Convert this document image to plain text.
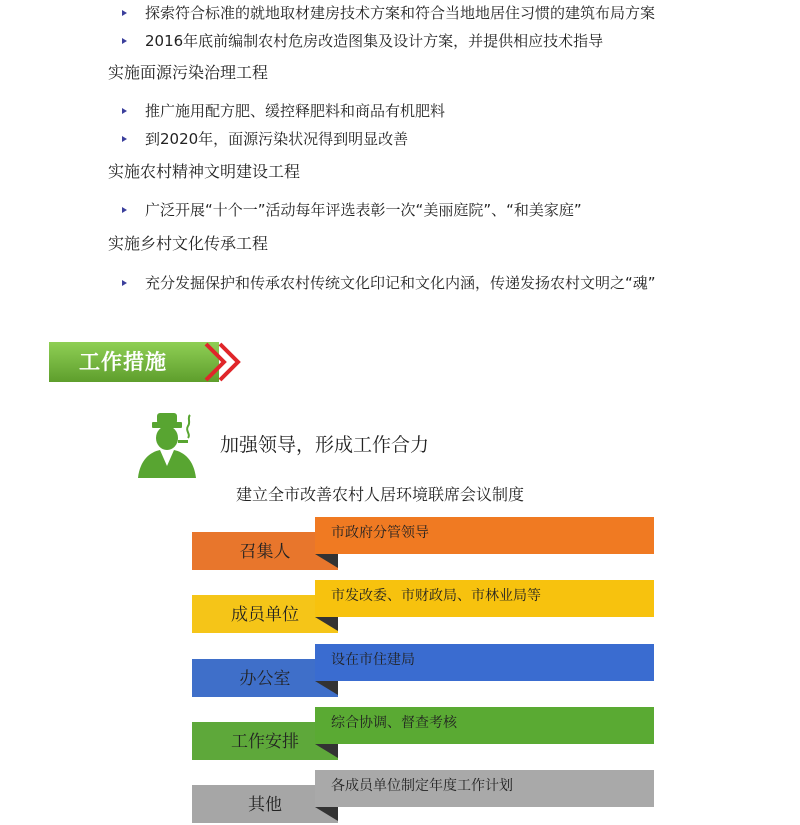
探索符合标准的就地取材建房技术方案和符合当地地居住习惯的建筑布局方案
2016年底前编制农村危房改造图集及设计方案，并提供相应技术指导
实施面源污染治理工程
推广施用配方肥、缓控释肥料和商品有机肥料
到2020年，面源污染状况得到明显改善
实施农村精神文明建设工程
广泛开展“十个一”活动每年评选表彰一次“美丽庭院”、“和美家庭”
实施乡村文化传承工程
充分发掘保护和传承农村传统文化印记和文化内涵，传递发扬农村文明之“魂”
工作措施
加强领导，形成工作合力
建立全市改善农村人居环境联席会议制度
召集人
市政府分管领导
成员单位
市发改委、市财政局、市林业局等
办公室
设在市住建局
工作安排
综合协调、督查考核
其他
各成员单位制定年度工作计划
